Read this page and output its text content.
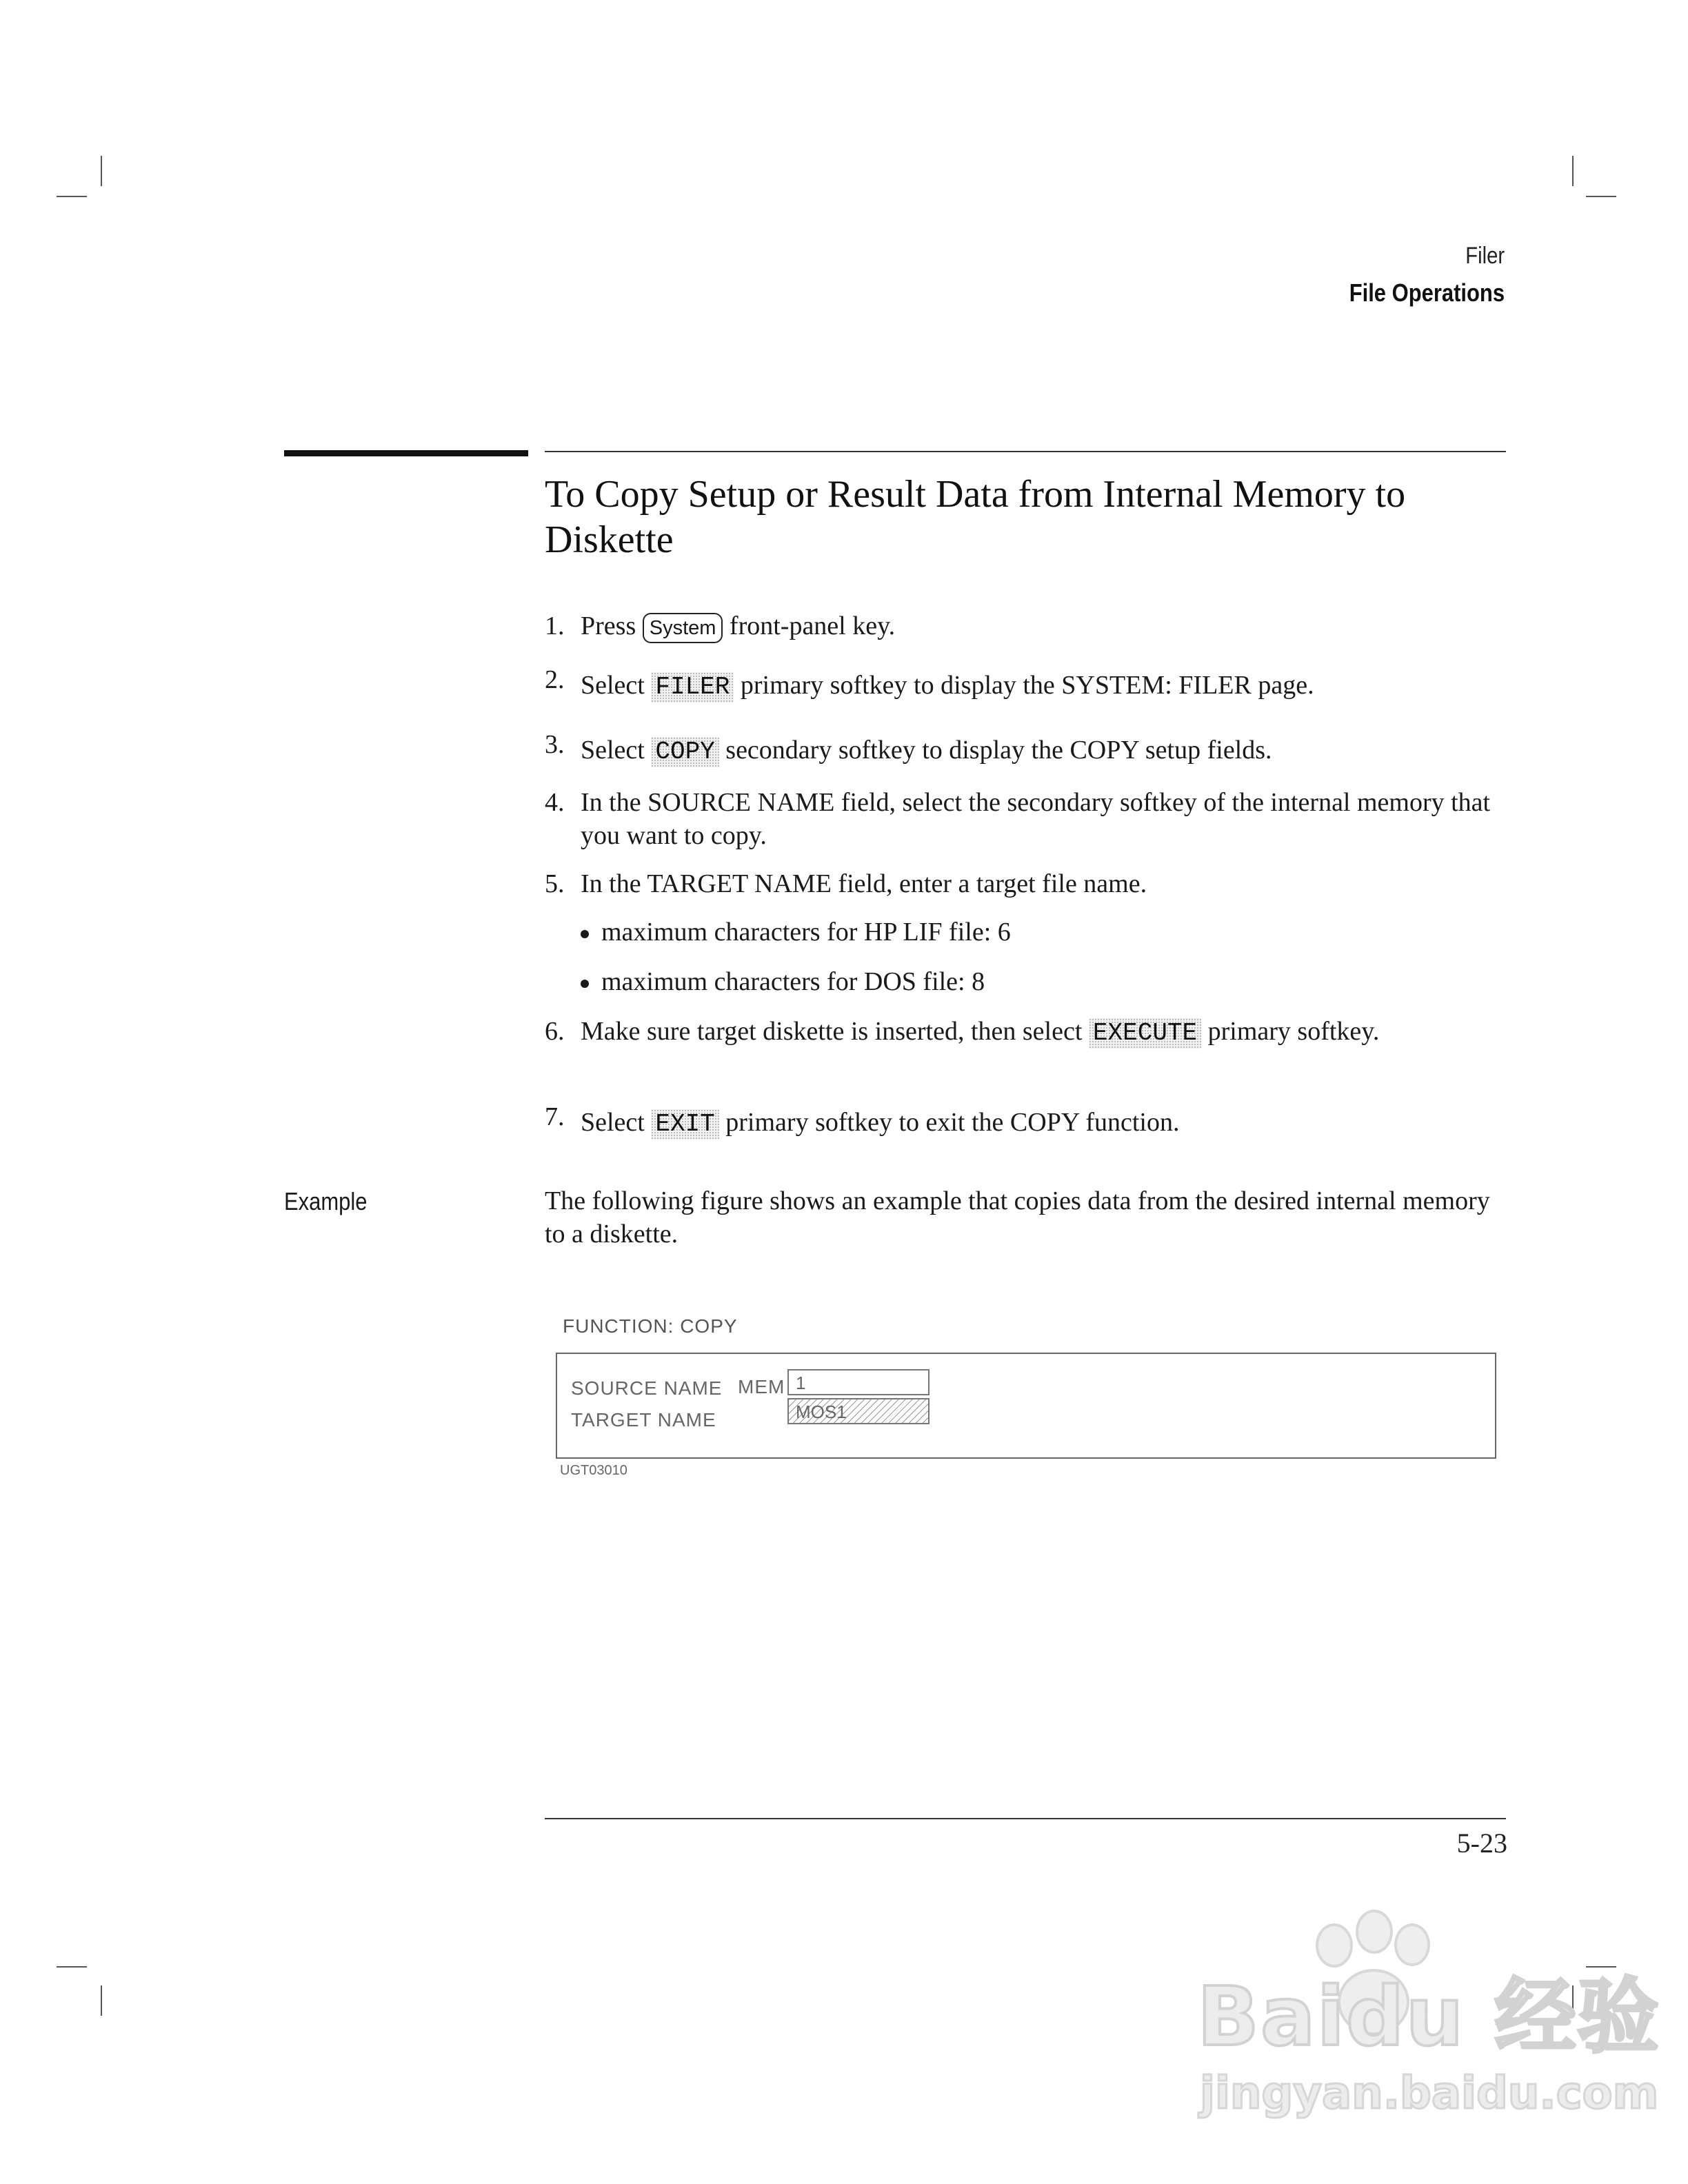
Filer
File Operations
To Copy Setup or Result Data from Internal Memory to Diskette
1. Press System front-panel key.
2. Select FILER primary softkey to display the SYSTEM: FILER page.
3. Select COPY secondary softkey to display the COPY setup fields.
4. In the SOURCE NAME field, select the secondary softkey of the internal memory that you want to copy.
5. In the TARGET NAME field, enter a target file name.
maximum characters for HP LIF file: 6
maximum characters for DOS file: 8
6. Make sure target diskette is inserted, then select EXECUTE primary softkey.
7. Select EXIT primary softkey to exit the COPY function.
Example	The following figure shows an example that copies data from the desired internal memory to a diskette.
FUNCTION: COPY
SOURCE NAME
TARGET NAME
MEM 1
MOS1
UGT03010
5-23
Baidu 经验
jingyan.baidu.com
